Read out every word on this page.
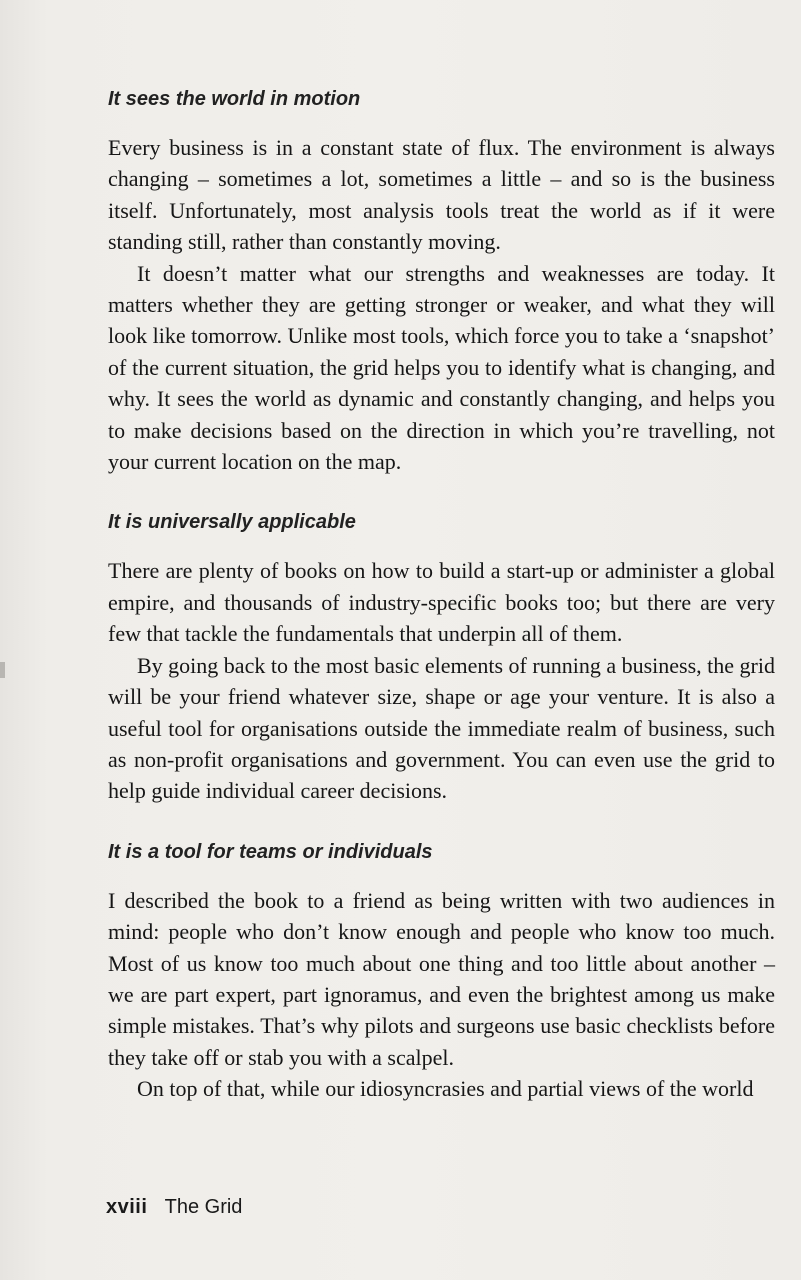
It sees the world in motion

Every business is in a constant state of flux. The environment is always changing – sometimes a lot, sometimes a little – and so is the business itself. Unfortunately, most analysis tools treat the world as if it were standing still, rather than constantly moving.

It doesn’t matter what our strengths and weaknesses are today. It matters whether they are getting stronger or weaker, and what they will look like tomorrow. Unlike most tools, which force you to take a ‘snapshot’ of the current situation, the grid helps you to identify what is changing, and why. It sees the world as dynamic and constantly changing, and helps you to make decisions based on the direction in which you’re travelling, not your current location on the map.

It is universally applicable

There are plenty of books on how to build a start-up or administer a global empire, and thousands of industry-specific books too; but there are very few that tackle the fundamentals that underpin all of them.

By going back to the most basic elements of running a business, the grid will be your friend whatever size, shape or age your venture. It is also a useful tool for organisations outside the immediate realm of business, such as non-profit organisations and government. You can even use the grid to help guide individual career decisions.

It is a tool for teams or individuals

I described the book to a friend as being written with two audiences in mind: people who don’t know enough and people who know too much. Most of us know too much about one thing and too little about another – we are part expert, part ignoramus, and even the brightest among us make simple mistakes. That’s why pilots and surgeons use basic checklists before they take off or stab you with a scalpel.

On top of that, while our idiosyncrasies and partial views of the world

xviii The Grid
